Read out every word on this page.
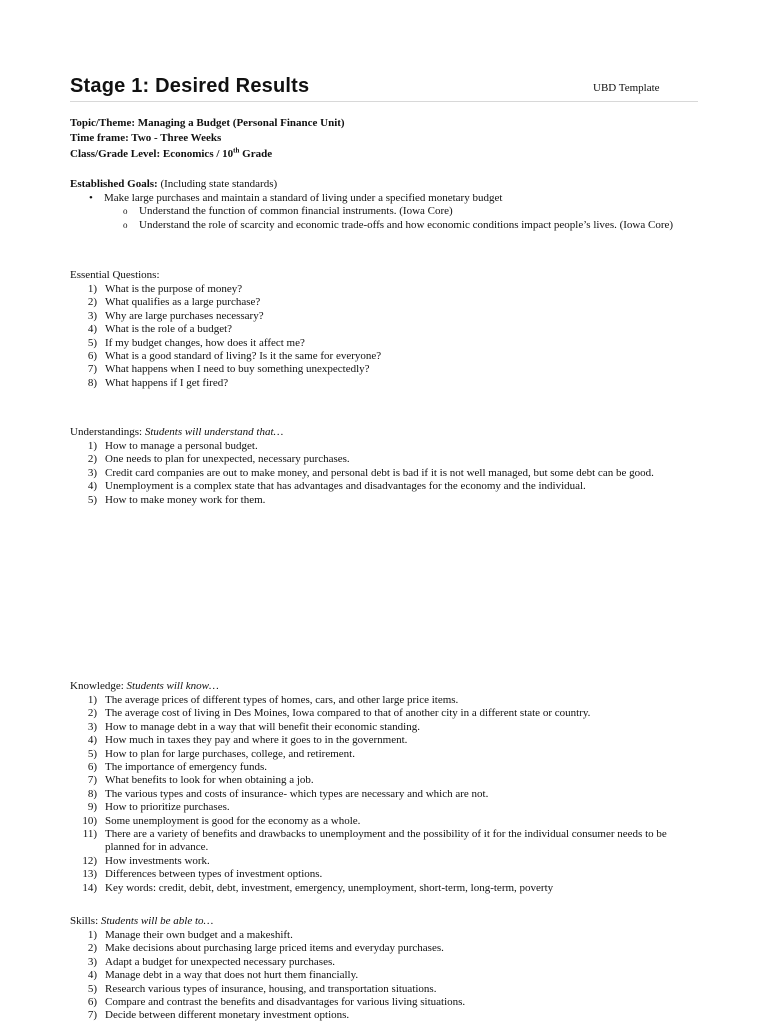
Stage 1: Desired Results	UBD Template
Topic/Theme: Managing a Budget (Personal Finance Unit)
Time frame: Two - Three Weeks
Class/Grade Level: Economics / 10th Grade
Established Goals: (Including state standards)
• Make large purchases and maintain a standard of living under a specified monetary budget
o Understand the function of common financial instruments. (Iowa Core)
o Understand the role of scarcity and economic trade-offs and how economic conditions impact people’s lives. (Iowa Core)
Essential Questions:
1) What is the purpose of money?
2) What qualifies as a large purchase?
3) Why are large purchases necessary?
4) What is the role of a budget?
5) If my budget changes, how does it affect me?
6) What is a good standard of living? Is it the same for everyone?
7) What happens when I need to buy something unexpectedly?
8) What happens if I get fired?
Understandings: Students will understand that…
1) How to manage a personal budget.
2) One needs to plan for unexpected, necessary purchases.
3) Credit card companies are out to make money, and personal debt is bad if it is not well managed, but some debt can be good.
4) Unemployment is a complex state that has advantages and disadvantages for the economy and the individual.
5) How to make money work for them.
Knowledge: Students will know…
1) The average prices of different types of homes, cars, and other large price items.
2) The average cost of living in Des Moines, Iowa compared to that of another city in a different state or country.
3) How to manage debt in a way that will benefit their economic standing.
4) How much in taxes they pay and where it goes to in the government.
5) How to plan for large purchases, college, and retirement.
6) The importance of emergency funds.
7) What benefits to look for when obtaining a job.
8) The various types and costs of insurance- which types are necessary and which are not.
9) How to prioritize purchases.
10) Some unemployment is good for the economy as a whole.
11) There are a variety of benefits and drawbacks to unemployment and the possibility of it for the individual consumer needs to be planned for in advance.
12) How investments work.
13) Differences between types of investment options.
14) Key words: credit, debit, debt, investment, emergency, unemployment, short-term, long-term, poverty
Skills: Students will be able to…
1) Manage their own budget and a makeshift.
2) Make decisions about purchasing large priced items and everyday purchases.
3) Adapt a budget for unexpected necessary purchases.
4) Manage debt in a way that does not hurt them financially.
5) Research various types of insurance, housing, and transportation situations.
6) Compare and contrast the benefits and disadvantages for various living situations.
7) Decide between different monetary investment options.
